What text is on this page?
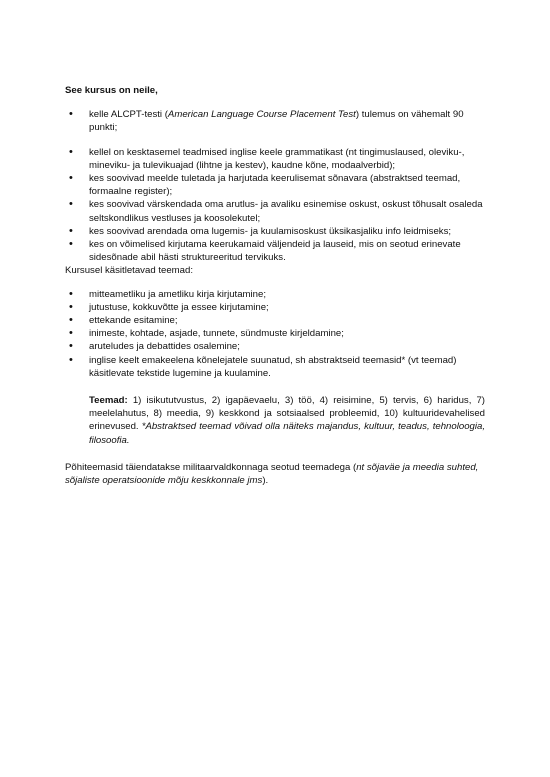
See kursus on neile,

• kelle ALCPT-testi (American Language Course Placement Test) tulemus on vähemalt 90 punkti;
• kellel on kesktasemel teadmised inglise keele grammatikast (nt tingimuslaused, oleviku-, mineviku- ja tulevikuajad (lihtne ja kestev), kaudne kõne, modaalverbid);
• kes soovivad meelde tuletada ja harjutada keerulisemat sõnavara (abstraktsed teemad, formaalne register);
• kes soovivad värskendada oma arutlus- ja avaliku esinemise oskust, oskust tõhusalt osaleda seltskondlikus vestluses ja koosolekutel;
• kes soovivad arendada oma lugemis- ja kuulamisoskust üksikasjaliku info leidmiseks;
• kes on võimelised kirjutama keerukamaid väljendeid ja lauseid, mis on seotud erinevate sidesõnade abil hästi struktureeritud tervikuks.

Kursusel käsitletavad teemad:

• mitteametliku ja ametliku kirja kirjutamine;
• jutustuse, kokkuvõtte ja essee kirjutamine;
• ettekande esitamine;
• inimeste, kohtade, asjade, tunnete, sündmuste kirjeldamine;
• aruteludes ja debattides osalemine;
• inglise keelt emakeelena kõnelejatele suunatud, sh abstraktseid teemasid* (vt teemad) käsitlevate tekstide lugemine ja kuulamine.

Teemad: 1) isikututvustus, 2) igapäevaelu, 3) töö, 4) reisimine, 5) tervis, 6) haridus, 7) meelelahutus, 8) meedia, 9) keskkond ja sotsiaalsed probleemid, 10) kultuuridevahelised erinevused. *Abstraktsed teemad võivad olla näiteks majandus, kultuur, teadus, tehnoloogia, filosoofia.

Põhiteemasid täiendatakse militaarvaldkonnaga seotud teemadega (nt sõjaväe ja meedia suhted, sõjaliste operatsioonide mõju keskkonnale jms).
